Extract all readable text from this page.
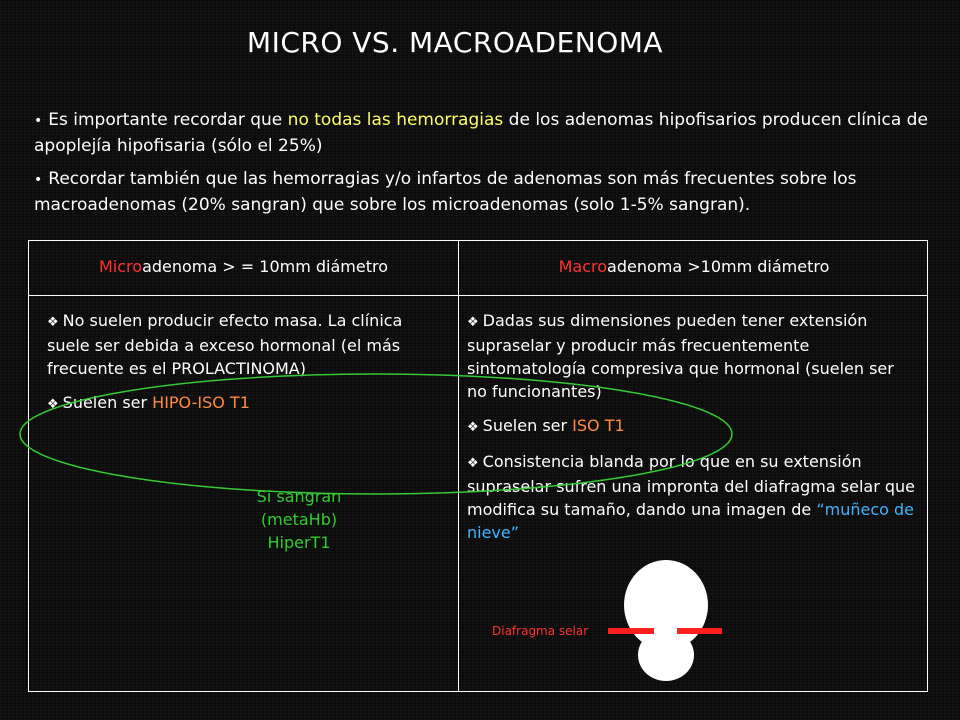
MICRO VS. MACROADENOMA

• Es importante recordar que no todas las hemorragias de los adenomas hipofisarios producen clínica de apoplejía hipofisaria (sólo el 25%)

• Recordar también que las hemorragias y/o infartos de adenomas son más frecuentes sobre los macroadenomas (20% sangran) que sobre los microadenomas (solo 1-5% sangran).

Microadenoma > = 10mm diámetro	Macroadenoma >10mm diámetro

❖ No suelen producir efecto masa. La clínica suele ser debida a exceso hormonal (el más frecuente es el PROLACTINOMA)

❖ Suelen ser HIPO-ISO T1

Si sangran (metaHb)
HiperT1

❖ Dadas sus dimensiones pueden tener extensión supraselar y producir más frecuentemente sintomatología compresiva que hormonal (suelen ser no funcionantes)

❖ Suelen ser ISO T1

❖ Consistencia blanda por lo que en su extensión supraselar sufren una impronta del diafragma selar que modifica su tamaño, dando una imagen de “muñeco de nieve”

Diafragma selar
